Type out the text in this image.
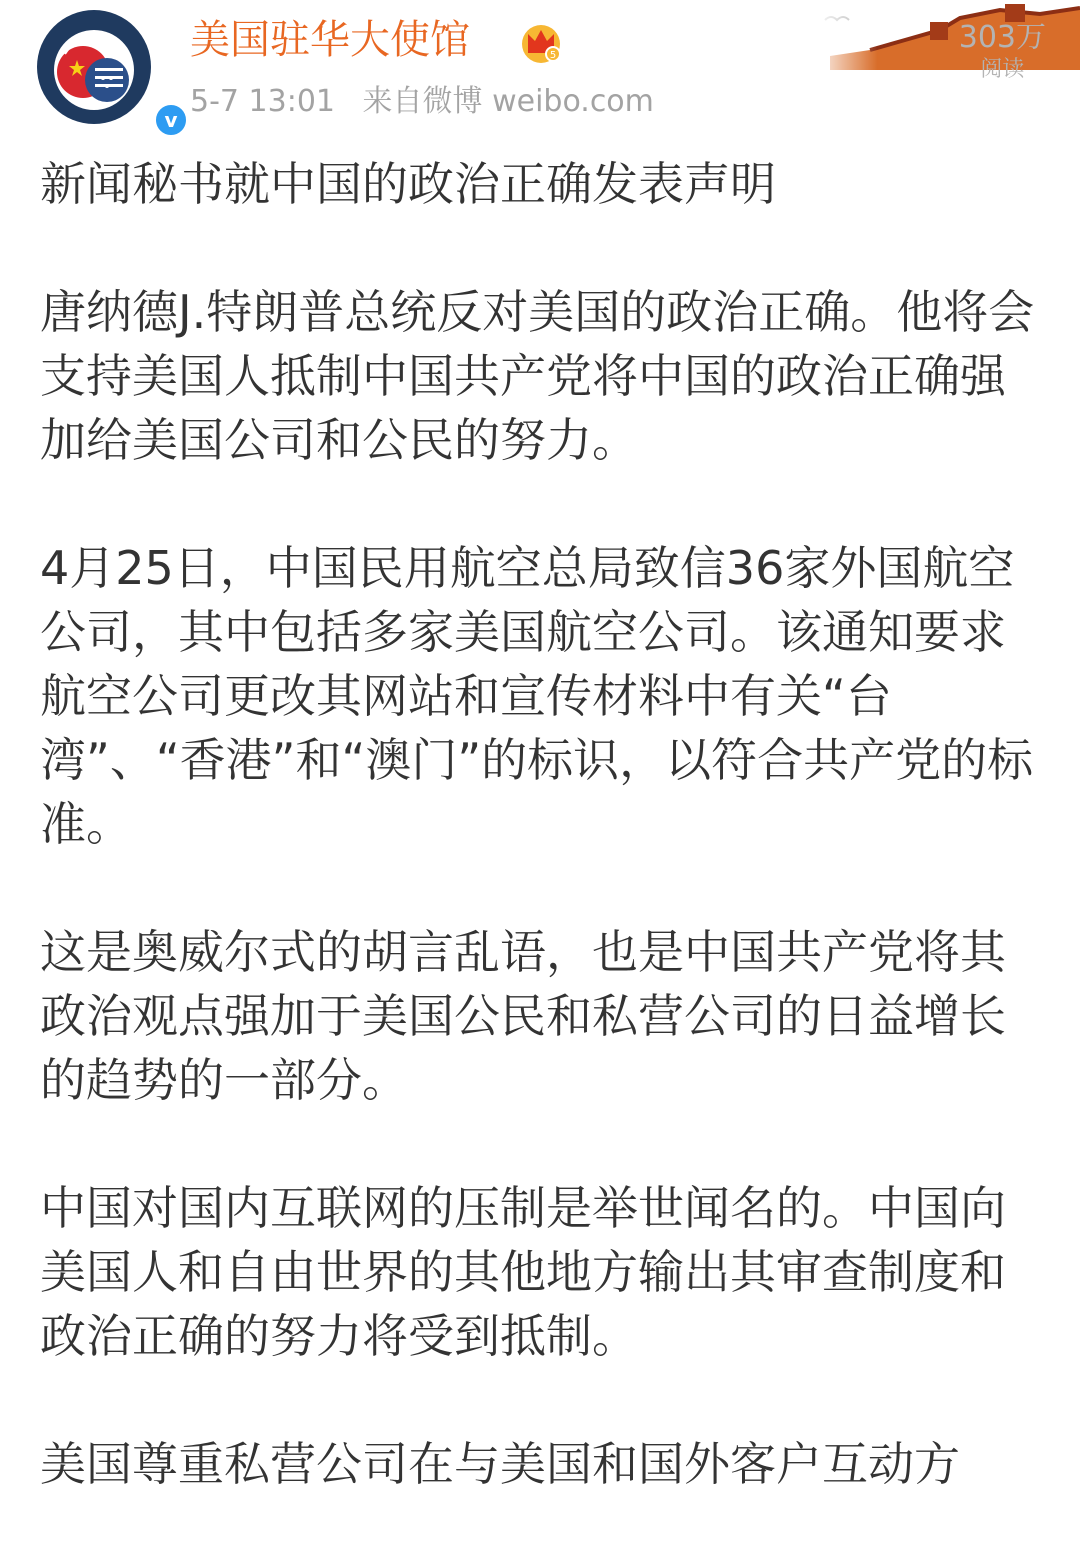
v
美国驻华大使馆	5
5-7 13:01 来自微博 weibo.com
303万
阅读

新闻秘书就中国的政治正确发表声明

唐纳德J.特朗普总统反对美国的政治正确。他将会支持美国人抵制中国共产党将中国的政治正确强加给美国公司和公民的努力。

4月25日，中国民用航空总局致信36家外国航空公司，其中包括多家美国航空公司。该通知要求航空公司更改其网站和宣传材料中有关“台湾”、“香港”和“澳门”的标识，以符合共产党的标准。

这是奥威尔式的胡言乱语，也是中国共产党将其政治观点强加于美国公民和私营公司的日益增长的趋势的一部分。

中国对国内互联网的压制是举世闻名的。中国向美国人和自由世界的其他地方输出其审查制度和政治正确的努力将受到抵制。

美国尊重私营公司在与美国和国外客户互动方
